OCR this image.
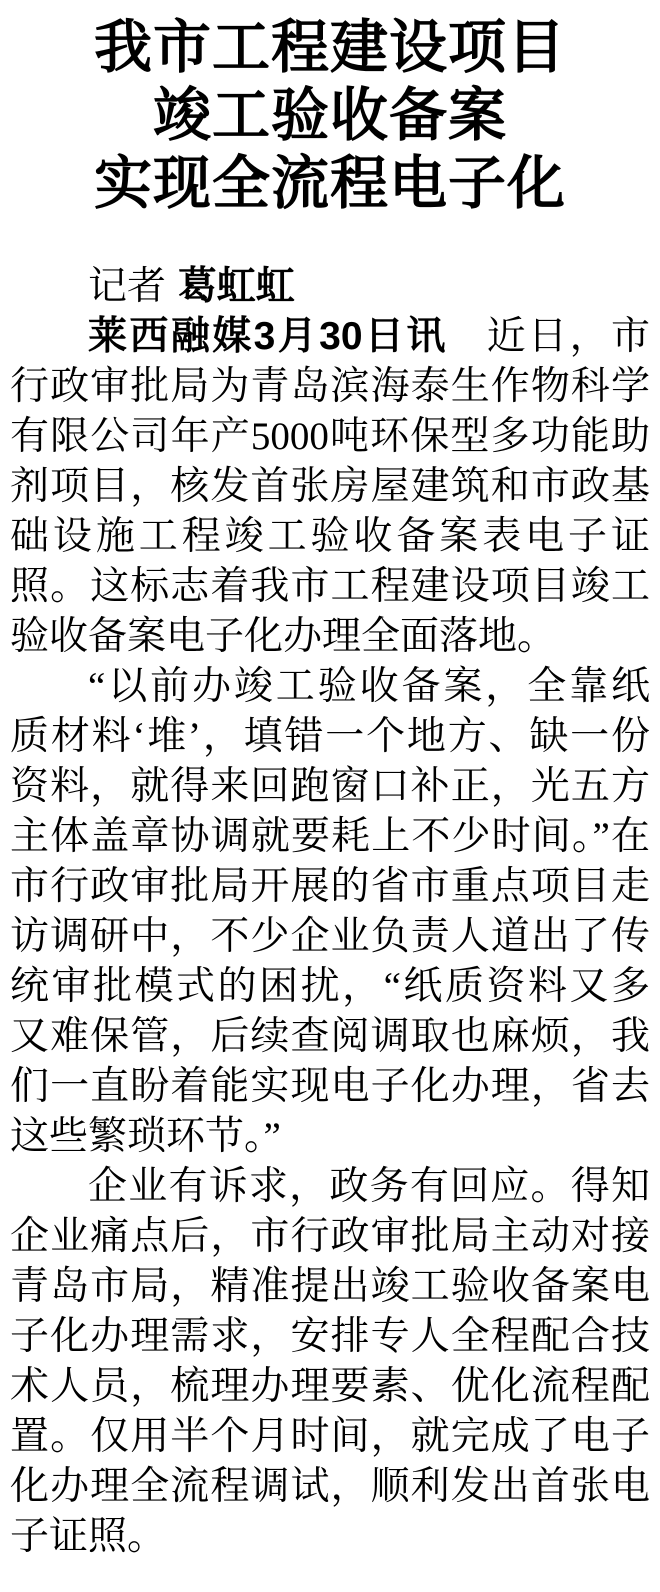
我市工程建设项目
竣工验收备案
实现全流程电子化

记者 葛虹虹

莱西融媒3月30日讯 近日，市行政审批局为青岛滨海泰生作物科学有限公司年产5000吨环保型多功能助剂项目，核发首张房屋建筑和市政基础设施工程竣工验收备案表电子证照。这标志着我市工程建设项目竣工验收备案电子化办理全面落地。

“以前办竣工验收备案，全靠纸质材料‘堆’，填错一个地方、缺一份资料，就得来回跑窗口补正，光五方主体盖章协调就要耗上不少时间。”在市行政审批局开展的省市重点项目走访调研中，不少企业负责人道出了传统审批模式的困扰，“纸质资料又多又难保管，后续查阅调取也麻烦，我们一直盼着能实现电子化办理，省去这些繁琐环节。”

企业有诉求，政务有回应。得知企业痛点后，市行政审批局主动对接青岛市局，精准提出竣工验收备案电子化办理需求，安排专人全程配合技术人员，梳理办理要素、优化流程配置。仅用半个月时间，就完成了电子化办理全流程调试，顺利发出首张电子证照。
